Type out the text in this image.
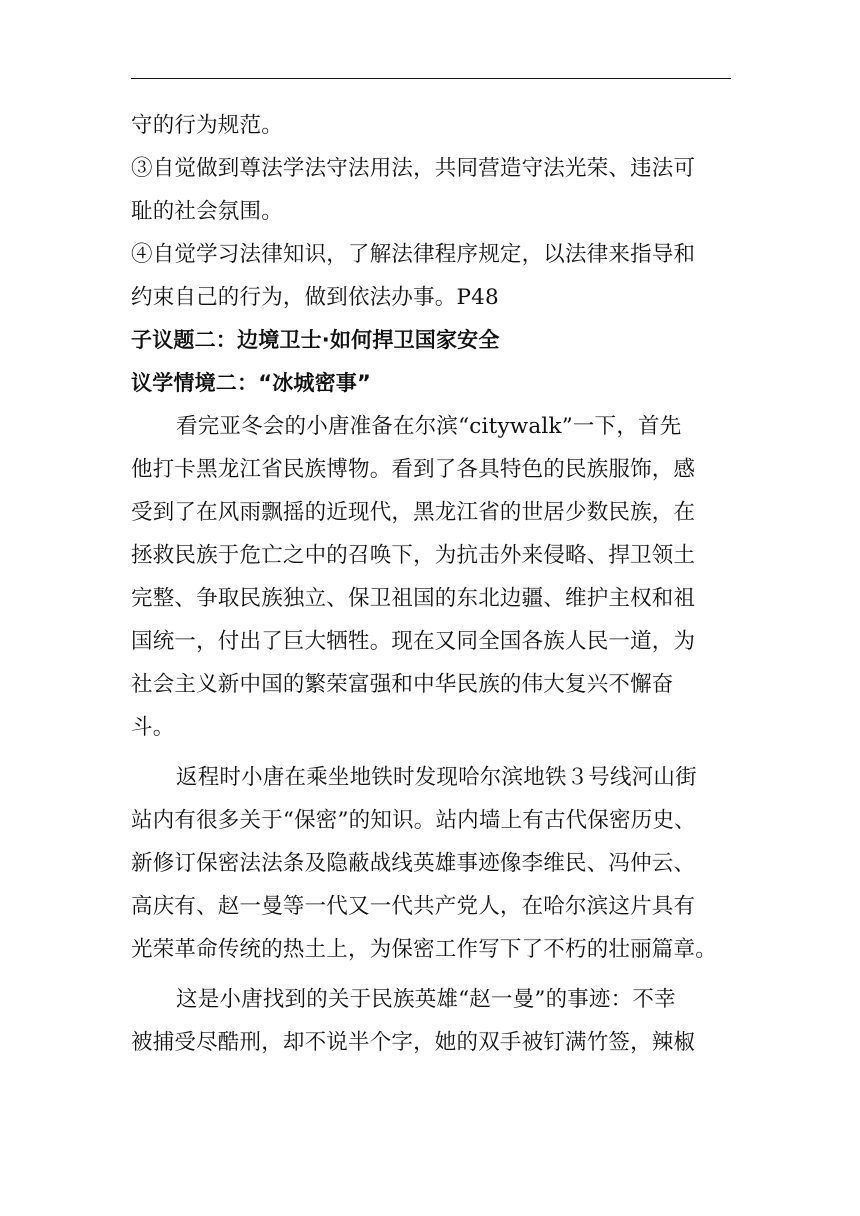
守的行为规范。
③自觉做到尊法学法守法用法，共同营造守法光荣、违法可
耻的社会氛围。
④自觉学习法律知识，了解法律程序规定，以法律来指导和
约束自己的行为，做到依法办事。P48
子议题二：边境卫士·如何捍卫国家安全
议学情境二：“冰城密事”
看完亚冬会的小唐准备在尔滨“citywalk”一下，首先
他打卡黑龙江省民族博物。看到了各具特色的民族服饰，感
受到了在风雨飘摇的近现代，黑龙江省的世居少数民族，在
拯救民族于危亡之中的召唤下，为抗击外来侵略、捍卫领土
完整、争取民族独立、保卫祖国的东北边疆、维护主权和祖
国统一，付出了巨大牺牲。现在又同全国各族人民一道，为
社会主义新中国的繁荣富强和中华民族的伟大复兴不懈奋
斗。
返程时小唐在乘坐地铁时发现哈尔滨地铁３号线河山街
站内有很多关于“保密”的知识。站内墙上有古代保密历史、
新修订保密法法条及隐蔽战线英雄事迹像李维民、冯仲云、
高庆有、赵一曼等一代又一代共产党人，在哈尔滨这片具有
光荣革命传统的热土上，为保密工作写下了不朽的壮丽篇章。
这是小唐找到的关于民族英雄“赵一曼”的事迹：不幸
被捕受尽酷刑，却不说半个字，她的双手被钉满竹签，辣椒
